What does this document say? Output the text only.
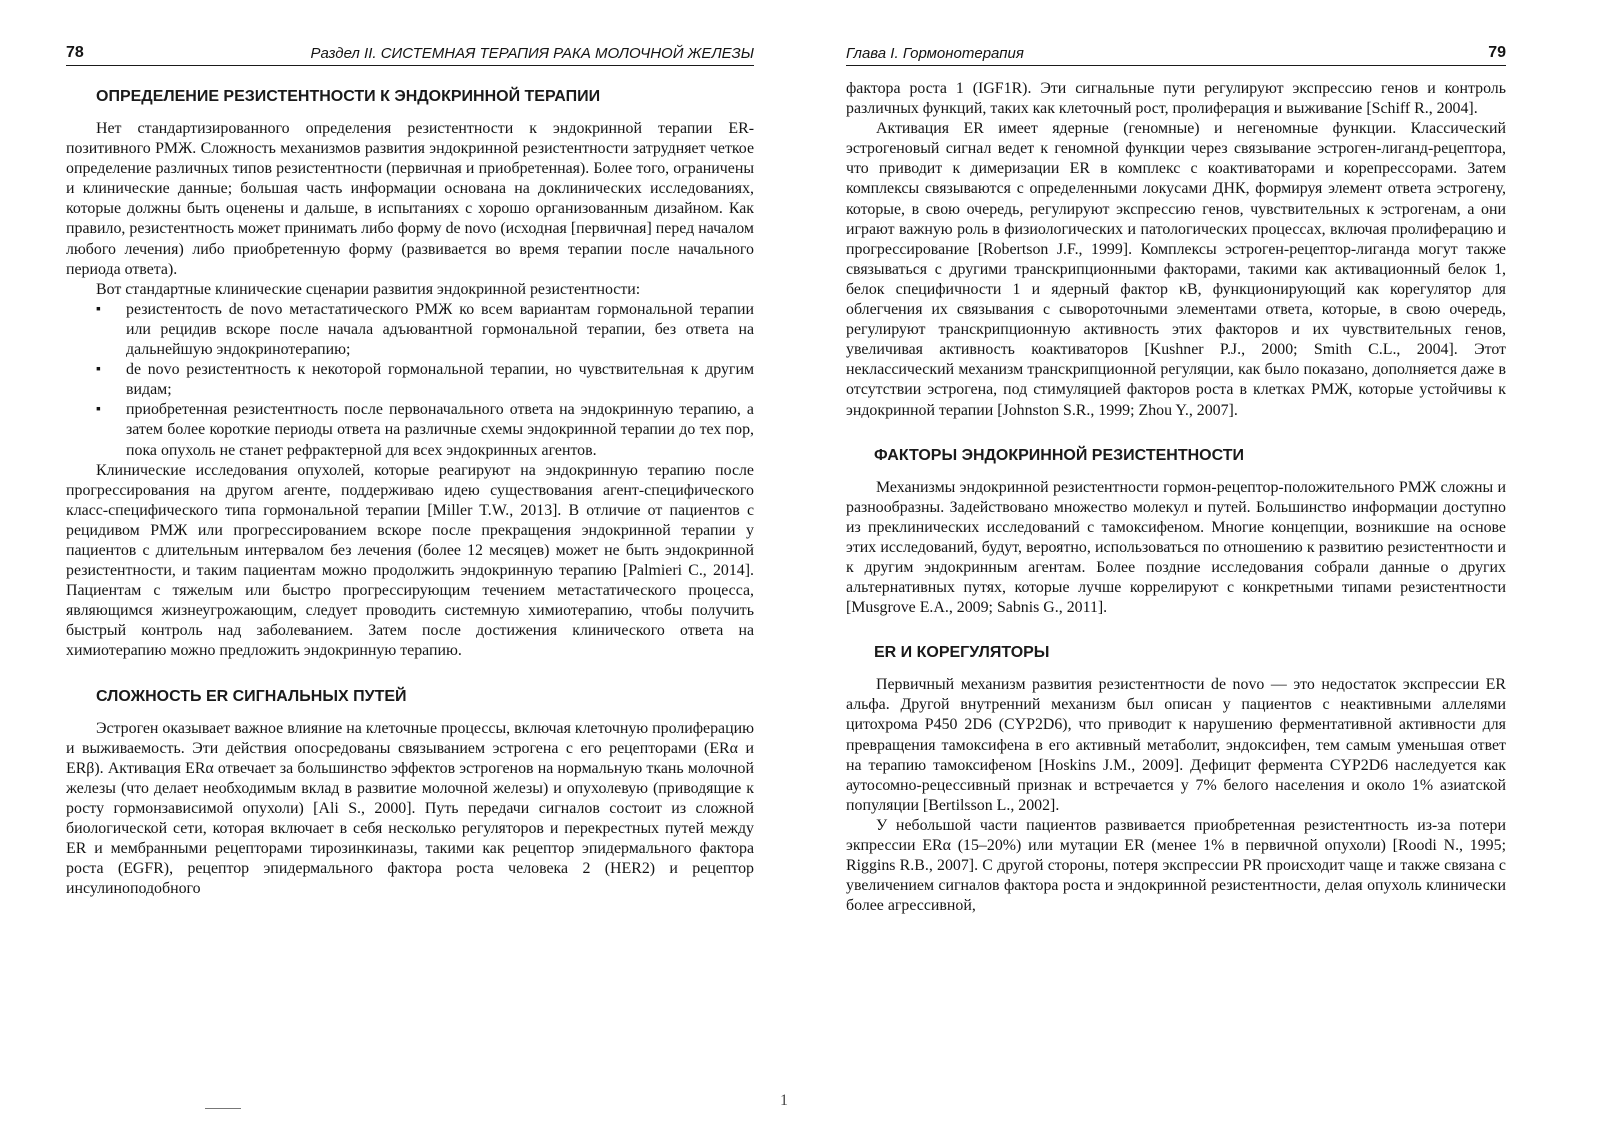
78	Раздел II. СИСТЕМНАЯ ТЕРАПИЯ РАКА МОЛОЧНОЙ ЖЕЛЕЗЫ
ОПРЕДЕЛЕНИЕ РЕЗИСТЕНТНОСТИ К ЭНДОКРИННОЙ ТЕРАПИИ

Нет стандартизированного определения резистентности к эндокринной терапии ER-позитивного РМЖ. Сложность механизмов развития эндокринной резистентности затрудняет четкое определение различных типов резистентности (первичная и приобретенная). Более того, ограничены и клинические данные; большая часть информации основана на доклинических исследованиях, которые должны быть оценены и дальше, в испытаниях с хорошо организованным дизайном. Как правило, резистентность может принимать либо форму de novo (исходная [первичная] перед началом любого лечения) либо приобретенную форму (развивается во время терапии после начального периода ответа).

Вот стандартные клинические сценарии развития эндокринной резистентности:

▪ резистентость de novo метастатического РМЖ ко всем вариантам гормональной терапии или рецидив вскоре после начала адъювантной гормональной терапии, без ответа на дальнейшую эндокринотерапию;
▪ de novo резистентность к некоторой гормональной терапии, но чувствительная к другим видам;
▪ приобретенная резистентность после первоначального ответа на эндокринную терапию, а затем более короткие периоды ответа на различные схемы эндокринной терапии до тех пор, пока опухоль не станет рефрактерной для всех эндокринных агентов.

Клинические исследования опухолей, которые реагируют на эндокринную терапию после прогрессирования на другом агенте, поддерживаю идею существования агент-специфического класс-специфического типа гормональной терапии [Miller T.W., 2013]. В отличие от пациентов с рецидивом РМЖ или прогрессированием вскоре после прекращения эндокринной терапии у пациентов с длительным интервалом без лечения (более 12 месяцев) может не быть эндокринной резистентности, и таким пациентам можно продолжить эндокринную терапию [Palmieri C., 2014]. Пациентам с тяжелым или быстро прогрессирующим течением метастатического процесса, являющимся жизнеугрожающим, следует проводить системную химиотерапию, чтобы получить быстрый контроль над заболеванием. Затем после достижения клинического ответа на химиотерапию можно предложить эндокринную терапию.

СЛОЖНОСТЬ ER СИГНАЛЬНЫХ ПУТЕЙ

Эстроген оказывает важное влияние на клеточные процессы, включая клеточную пролиферацию и выживаемость. Эти действия опосредованы связыванием эстрогена с его рецепторами (ERα и ERβ). Активация ERα отвечает за большинство эффектов эстрогенов на нормальную ткань молочной железы (что делает необходимым вклад в развитие молочной железы) и опухолевую (приводящие к росту гормонзависимой опухоли) [Ali S., 2000]. Путь передачи сигналов состоит из сложной биологической сети, которая включает в себя несколько регуляторов и перекрестных путей между ER и мембранными рецепторами тирозинкиназы, такими как рецептор эпидермального фактора роста (EGFR), рецептор эпидермального фактора роста человека 2 (HER2) и рецептор инсулиноподобного

Глава I. Гормонотерапия	79

фактора роста 1 (IGF1R). Эти сигнальные пути регулируют экспрессию генов и контроль различных функций, таких как клеточный рост, пролиферация и выживание [Schiff R., 2004].

Активация ER имеет ядерные (геномные) и негеномные функции. Классический эстрогеновый сигнал ведет к геномной функции через связывание эстроген-лиганд-рецептора, что приводит к димеризации ER в комплекс с коактиваторами и корепрессорами. Затем комплексы связываются с определенными локусами ДНК, формируя элемент ответа эстрогену, которые, в свою очередь, регулируют экспрессию генов, чувствительных к эстрогенам, а они играют важную роль в физиологических и патологических процессах, включая пролиферацию и прогрессирование [Robertson J.F., 1999]. Комплексы эстроген-рецептор-лиганда могут также связываться с другими транскрипционными факторами, такими как активационный белок 1, белок специфичности 1 и ядерный фактор κB, функционирующий как корегулятор для облегчения их связывания с сывороточными элементами ответа, которые, в свою очередь, регулируют транскрипционную активность этих факторов и их чувствительных генов, увеличивая активность коактиваторов [Kushner P.J., 2000; Smith C.L., 2004]. Этот неклассический механизм транскрипционной регуляции, как было показано, дополняется даже в отсутствии эстрогена, под стимуляцией факторов роста в клетках РМЖ, которые устойчивы к эндокринной терапии [Johnston S.R., 1999; Zhou Y., 2007].

ФАКТОРЫ ЭНДОКРИННОЙ РЕЗИСТЕНТНОСТИ

Механизмы эндокринной резистентности гормон-рецептор-положительного РМЖ сложны и разнообразны. Задействовано множество молекул и путей. Большинство информации доступно из преклинических исследований с тамоксифеном. Многие концепции, возникшие на основе этих исследований, будут, вероятно, использоваться по отношению к развитию резистентности и к другим эндокринным агентам. Более поздние исследования собрали данные о других альтернативных путях, которые лучше коррелируют с конкретными типами резистентности [Musgrove E.A., 2009; Sabnis G., 2011].

ER И КОРЕГУЛЯТОРЫ

Первичный механизм развития резистентности de novo — это недостаток экспрессии ER альфа. Другой внутренний механизм был описан у пациентов с неактивными аллелями цитохрома P450 2D6 (CYP2D6), что приводит к нарушению ферментативной активности для превращения тамоксифена в его активный метаболит, эндоксифен, тем самым уменьшая ответ на терапию тамоксифеном [Hoskins J.M., 2009]. Дефицит фермента CYP2D6 наследуется как аутосомно-рецессивный признак и встречается у 7% белого населения и около 1% азиатской популяции [Bertilsson L., 2002].

У небольшой части пациентов развивается приобретенная резистентность из-за потери экпрессии ERα (15–20%) или мутации ER (менее 1% в первичной опухоли) [Roodi N., 1995; Riggins R.B., 2007]. С другой стороны, потеря экспрессии PR происходит чаще и также связана с увеличением сигналов фактора роста и эндокринной резистентности, делая опухоль клинически более агрессивной,

1
